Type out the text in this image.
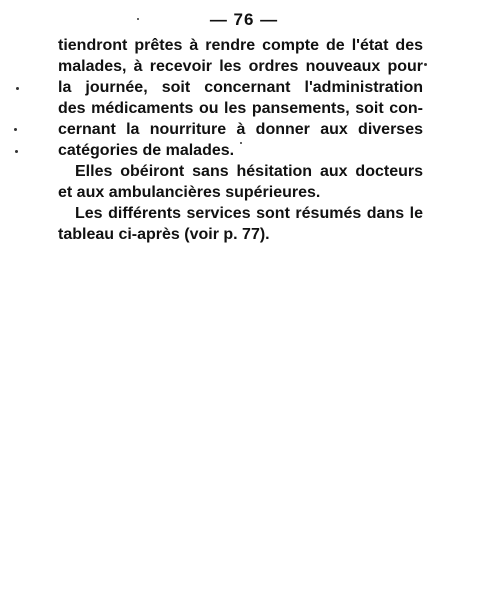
— 76 —
tiendront prêtes à rendre compte de l'état des
malades, à recevoir les ordres nouveaux pour
la journée, soit concernant l'administration
des médicaments ou les pansements, soit con-
cernant la nourriture à donner aux diverses
catégories de malades.
Elles obéiront sans hésitation aux docteurs
et aux ambulancières supérieures.
Les différents services sont résumés dans le
tableau ci-après (voir p. 77).
